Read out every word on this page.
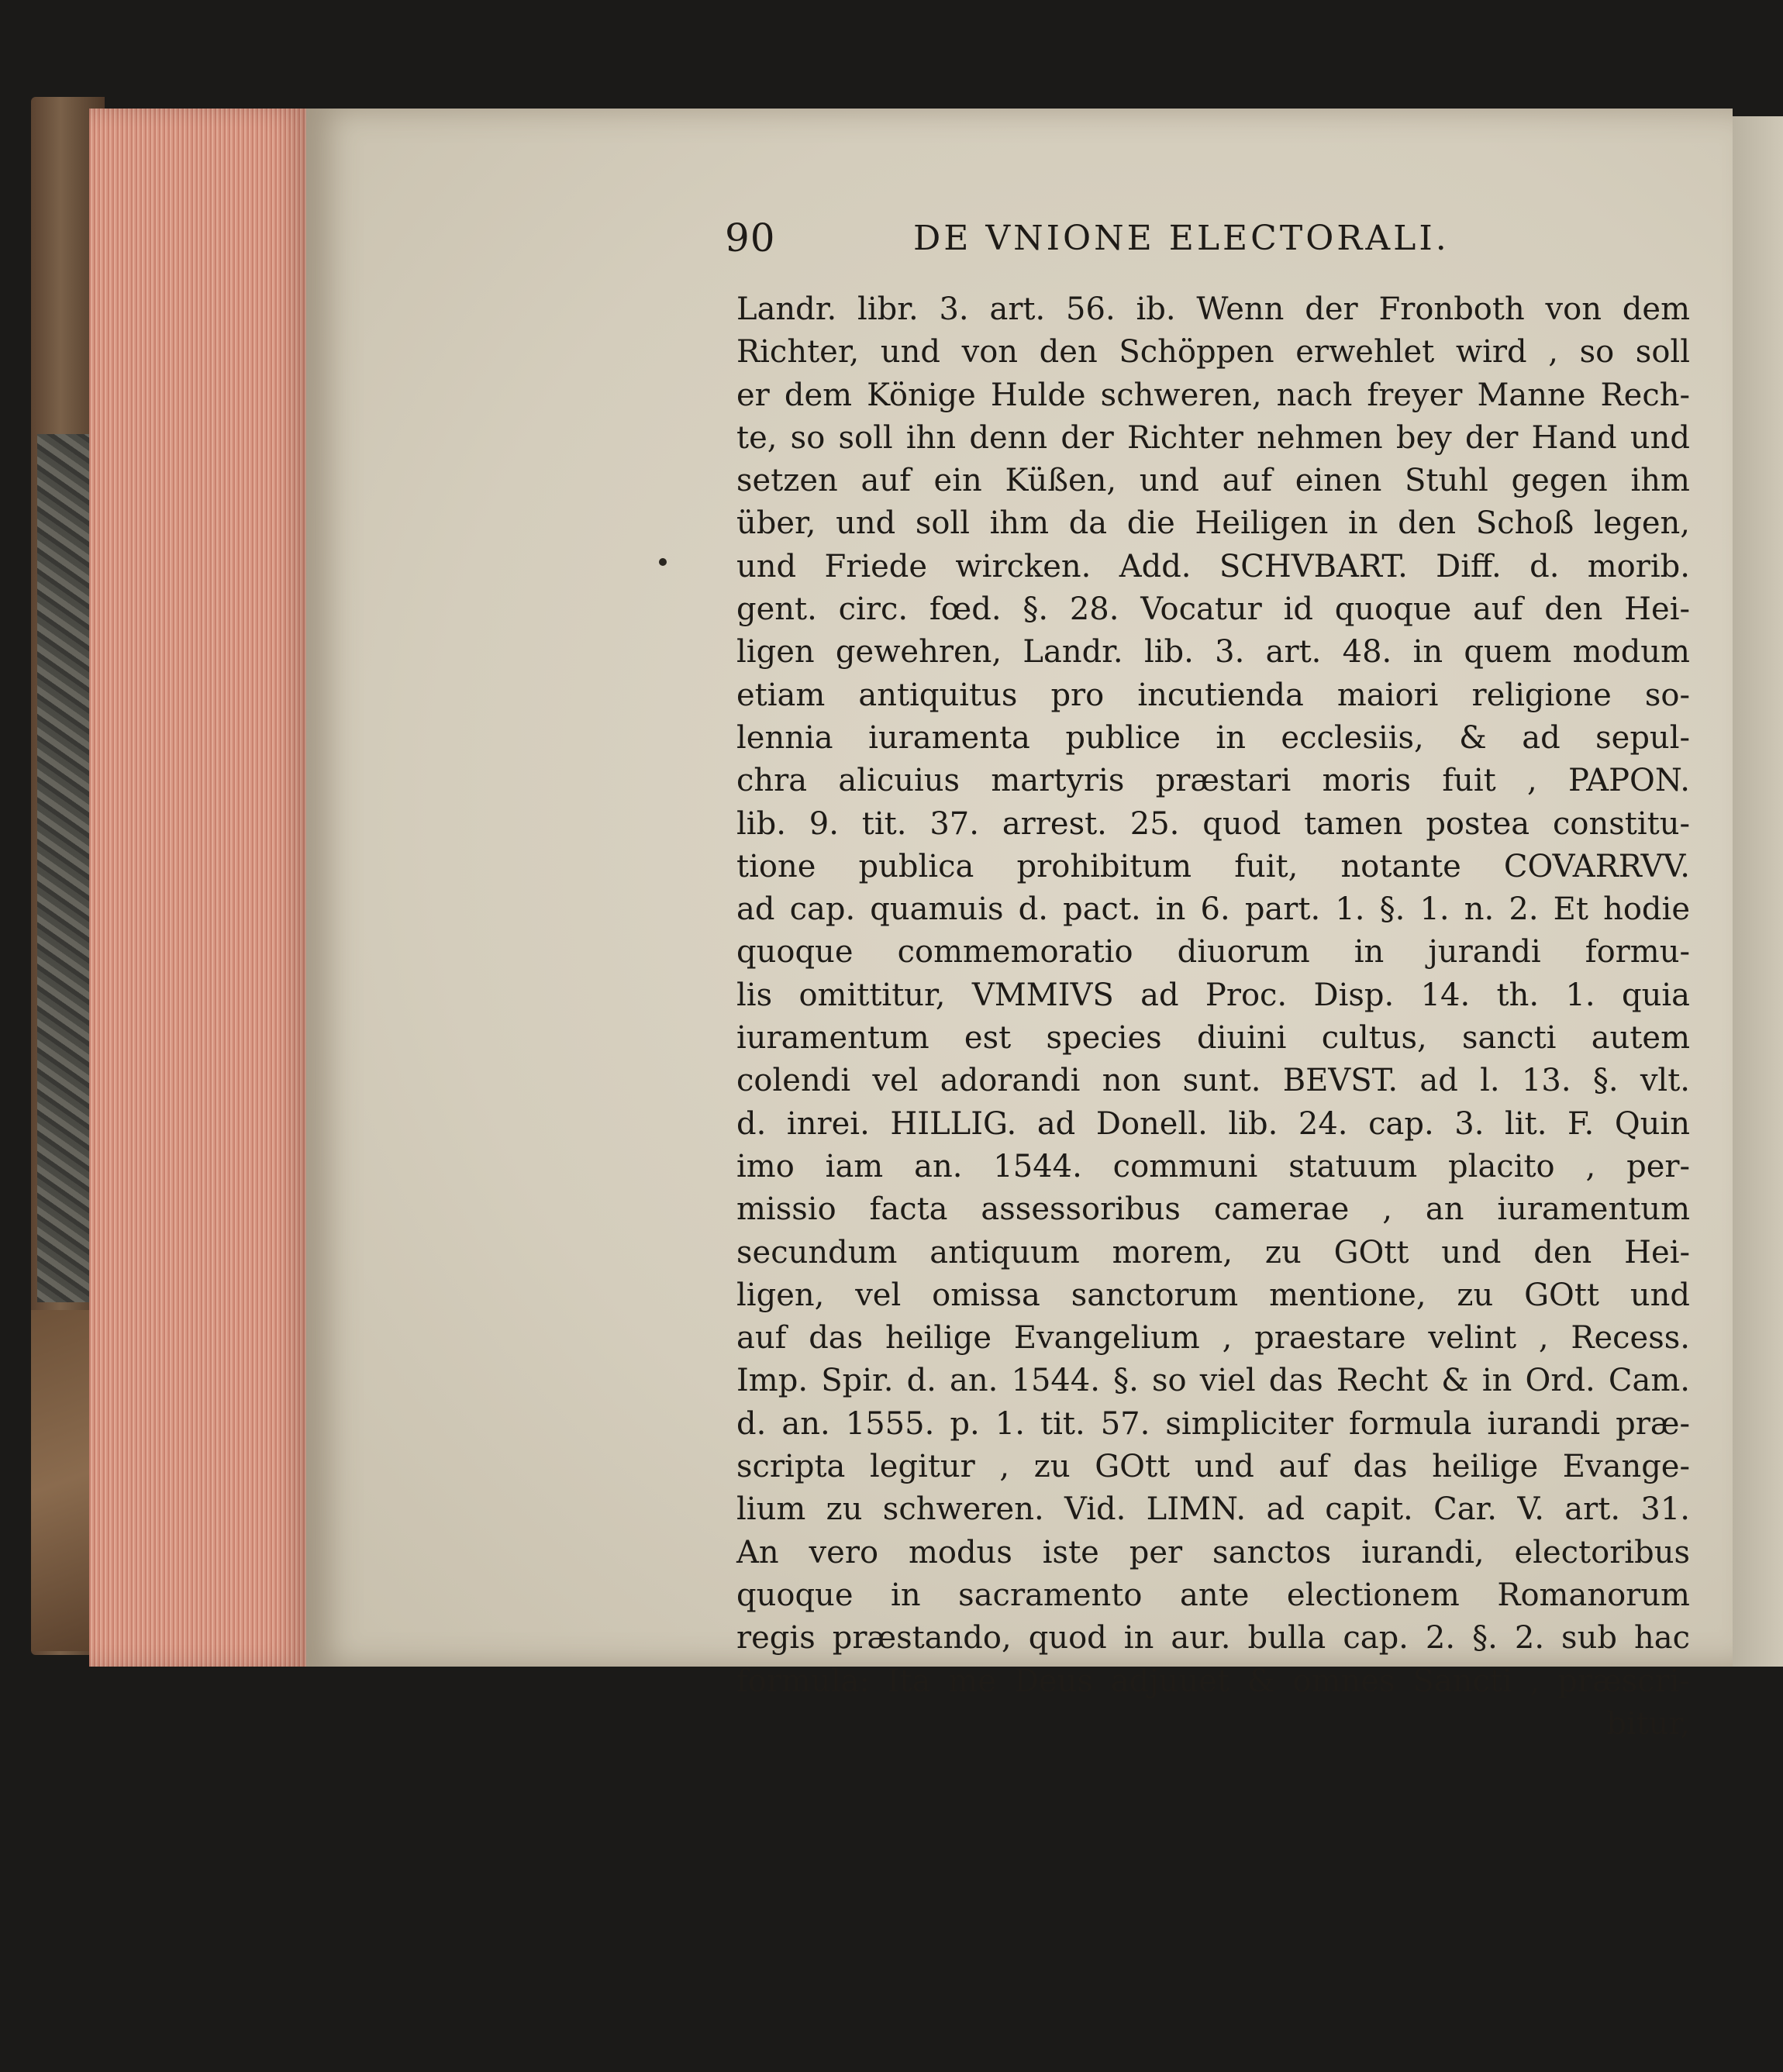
90	DE VNIONE ELECTORALI.
Landr. libr. 3. art. 56. ib. Wenn der Fronboth von dem
Richter, und von den Schöppen erwehlet wird , so soll
er dem Könige Hulde schweren, nach freyer Manne Rech-
te, so soll ihn denn der Richter nehmen bey der Hand und
setzen auf ein Küßen, und auf einen Stuhl gegen ihm
über, und soll ihm da die Heiligen in den Schoß legen,
und Friede wircken. Add. SCHVBART. Diff. d. morib.
gent. circ. fœd. §. 28. Vocatur id quoque auf den Hei-
ligen gewehren, Landr. lib. 3. art. 48. in quem modum
etiam antiquitus pro incutienda maiori religione so-
lennia iuramenta publice in ecclesiis, & ad sepul-
chra alicuius martyris præstari moris fuit , PAPON.
lib. 9. tit. 37. arrest. 25. quod tamen postea constitu-
tione publica prohibitum fuit, notante COVARRVV.
ad cap. quamuis d. pact. in 6. part. 1. §. 1. n. 2. Et hodie
quoque commemoratio diuorum in jurandi formu-
lis omittitur, VMMIVS ad Proc. Disp. 14. th. 1. quia
iuramentum est species diuini cultus, sancti autem
colendi vel adorandi non sunt. BEVST. ad l. 13. §. vlt.
d. inrei. HILLIG. ad Donell. lib. 24. cap. 3. lit. F. Quin
imo iam an. 1544. communi statuum placito , per-
missio facta assessoribus camerae , an iuramentum
secundum antiquum morem, zu GOtt und den Hei-
ligen, vel omissa sanctorum mentione, zu GOtt und
auf das heilige Evangelium , praestare velint , Recess.
Imp. Spir. d. an. 1544. §. so viel das Recht & in Ord. Cam.
d. an. 1555. p. 1. tit. 57. simpliciter formula iurandi præ-
scripta legitur , zu GOtt und auf das heilige Evange-
lium zu schweren. Vid. LIMN. ad capit. Car. V. art. 31.
An vero modus iste per sanctos iurandi, electoribus
quoque in sacramento ante electionem Romanorum
regis præstando, quod in aur. bulla cap. 2. §. 2. sub hac
formula: Ita me Deus adjuuet & omnes Sancti , præscri-
bitur,
